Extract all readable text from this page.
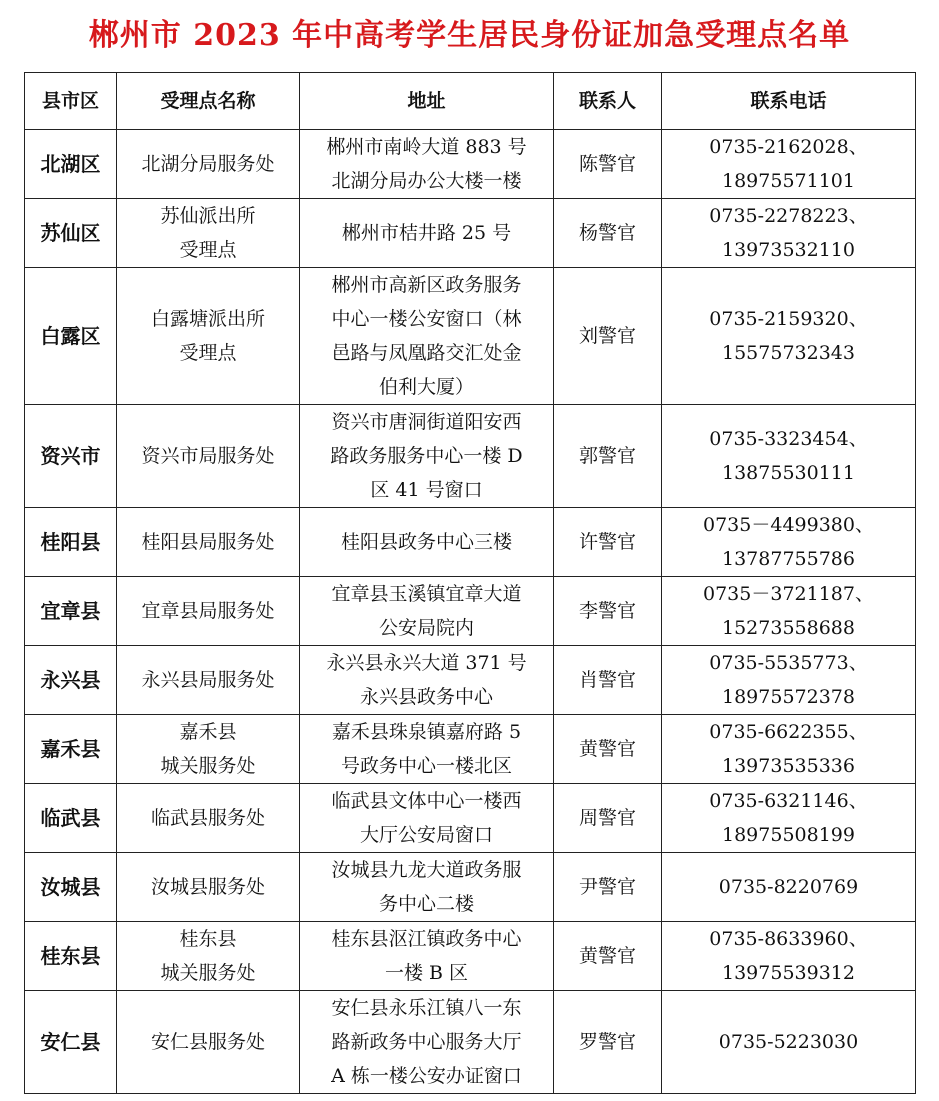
郴州市 2023 年中高考学生居民身份证加急受理点名单
县市区	受理点名称	地址	联系人	联系电话
北湖区	北湖分局服务处	郴州市南岭大道 883 号
北湖分局办公大楼一楼	陈警官	0735-2162028、
18975571101

苏仙区	苏仙派出所
受理点	郴州市桔井路 25 号	杨警官	0735-2278223、
13973532110

白露区	白露塘派出所
受理点	郴州市高新区政务服务
中心一楼公安窗口（林
邑路与凤凰路交汇处金
伯利大厦）	刘警官	0735-2159320、
15575732343

资兴市	资兴市局服务处	资兴市唐洞街道阳安西
路政务服务中心一楼 D
区 41 号窗口	郭警官	0735-3323454、
13875530111

桂阳县	桂阳县局服务处	桂阳县政务中心三楼	许警官	0735－4499380、
13787755786

宜章县	宜章县局服务处	宜章县玉溪镇宜章大道
公安局院内	李警官	0735－3721187、
15273558688

永兴县	永兴县局服务处	永兴县永兴大道 371 号
永兴县政务中心	肖警官	0735-5535773、
18975572378

嘉禾县	嘉禾县
城关服务处	嘉禾县珠泉镇嘉府路 5
号政务中心一楼北区	黄警官	0735-6622355、
13973535336

临武县	临武县服务处	临武县文体中心一楼西
大厅公安局窗口	周警官	0735-6321146、
18975508199

汝城县	汝城县服务处	汝城县九龙大道政务服
务中心二楼	尹警官	0735-8220769

桂东县	桂东县
城关服务处	桂东县沤江镇政务中心
一楼 B 区	黄警官	0735-8633960、
13975539312

安仁县	安仁县服务处	安仁县永乐江镇八一东
路新政务中心服务大厅
A 栋一楼公安办证窗口	罗警官	0735-5223030
